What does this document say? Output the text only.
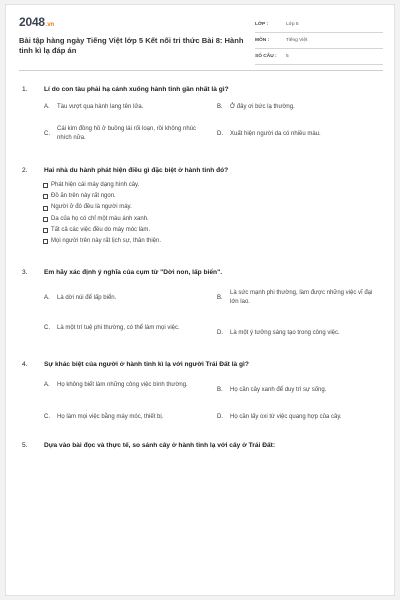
2048.vn
Bài tập hàng ngày Tiếng Việt lớp 5 Kết nối tri thức Bài 8: Hành tinh kì lạ đáp án
LỚP :	Lớp 5
MÔN :	Tiếng Việt
SỐ CÂU :	5
1.	Lí do con tàu phải hạ cánh xuống hành tinh gần nhất là gì?
A.	Tàu vượt qua hành lang tên lửa.	B.	Ở đây ơi bức lạ thường.
C.
Cái kim đồng hồ ở buồng lái rối loạn, rồi không nhúc nhích nữa.
D.	Xuất hiện người da có nhiều màu.
2.	Hai nhà du hành phát hiện điều gì đặc biệt ở hành tinh đó?
Phát hiện cái máy dạng hình cây.
Đồ ăn trên này rất ngon.
Người ở đó đều là người máy.
Da của họ có chỉ một màu ánh xanh.
Tất cả các việc đều do máy móc làm.
Mọi người trên này rất lịch sự, thân thiện.
3.	Em hãy xác định ý nghĩa của cụm từ "Dời non, lấp biển".
A.	Là dời núi để lấp biển.	B.
Là sức mạnh phi thường, làm được những việc vĩ đại lớn lao.
C.	Là một trí tuệ phi thường, có thể làm mọi việc.
D.	Là một ý tưởng sáng tạo trong công việc.
4.	Sự khác biệt của người ở hành tinh kì lạ với người Trái Đất là gì?
A.	Họ không biết làm những công việc bình thường.
B.	Họ cần cây xanh để duy trì sự sống.
C.	Họ làm mọi việc bằng máy móc, thiết bị.	D.	Họ cần lấy oxi từ việc quang hợp của cây.
5.	Dựa vào bài đọc và thực tế, so sánh cây ở hành tinh lạ với cây ở Trái Đất:
